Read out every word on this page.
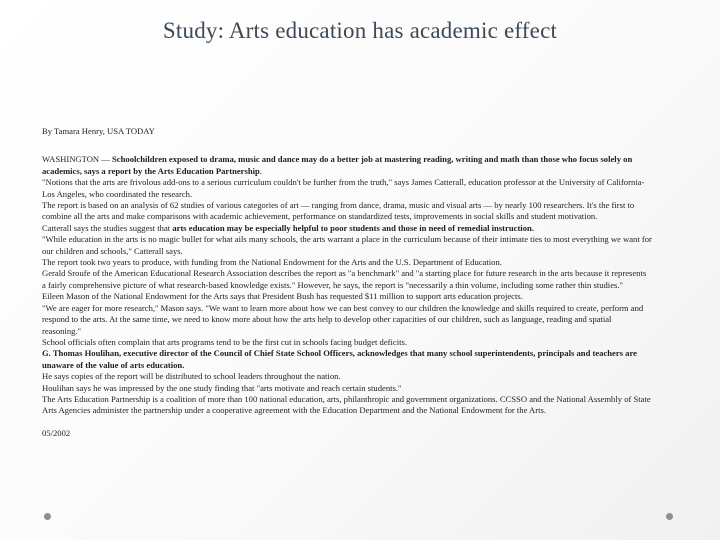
Study: Arts education has academic effect

By Tamara Henry, USA TODAY

WASHINGTON — Schoolchildren exposed to drama, music and dance may do a better job at mastering reading, writing and math than those who focus solely on academics, says a report by the Arts Education Partnership.

"Notions that the arts are frivolous add-ons to a serious curriculum couldn't be further from the truth," says James Catterall, education professor at the University of California-Los Angeles, who coordinated the research.

The report is based on an analysis of 62 studies of various categories of art — ranging from dance, drama, music and visual arts — by nearly 100 researchers. It's the first to combine all the arts and make comparisons with academic achievement, performance on standardized tests, improvements in social skills and student motivation.

Catterall says the studies suggest that arts education may be especially helpful to poor students and those in need of remedial instruction.

"While education in the arts is no magic bullet for what ails many schools, the arts warrant a place in the curriculum because of their intimate ties to most everything we want for our children and schools," Catterall says.

The report took two years to produce, with funding from the National Endowment for the Arts and the U.S. Department of Education.

Gerald Sroufe of the American Educational Research Association describes the report as "a benchmark" and "a starting place for future research in the arts because it represents a fairly comprehensive picture of what research-based knowledge exists." However, he says, the report is "necessarily a thin volume, including some rather thin studies."

Eileen Mason of the National Endowment for the Arts says that President Bush has requested $11 million to support arts education projects.

"We are eager for more research," Mason says. "We want to learn more about how we can best convey to our children the knowledge and skills required to create, perform and respond to the arts. At the same time, we need to know more about how the arts help to develop other capacities of our children, such as language, reading and spatial reasoning."

School officials often complain that arts programs tend to be the first cut in schools facing budget deficits.

G. Thomas Houlihan, executive director of the Council of Chief State School Officers, acknowledges that many school superintendents, principals and teachers are unaware of the value of arts education.

He says copies of the report will be distributed to school leaders throughout the nation.

Houlihan says he was impressed by the one study finding that "arts motivate and reach certain students."

The Arts Education Partnership is a coalition of more than 100 national education, arts, philanthropic and government organizations. CCSSO and the National Assembly of State Arts Agencies administer the partnership under a cooperative agreement with the Education Department and the National Endowment for the Arts.

05/2002
